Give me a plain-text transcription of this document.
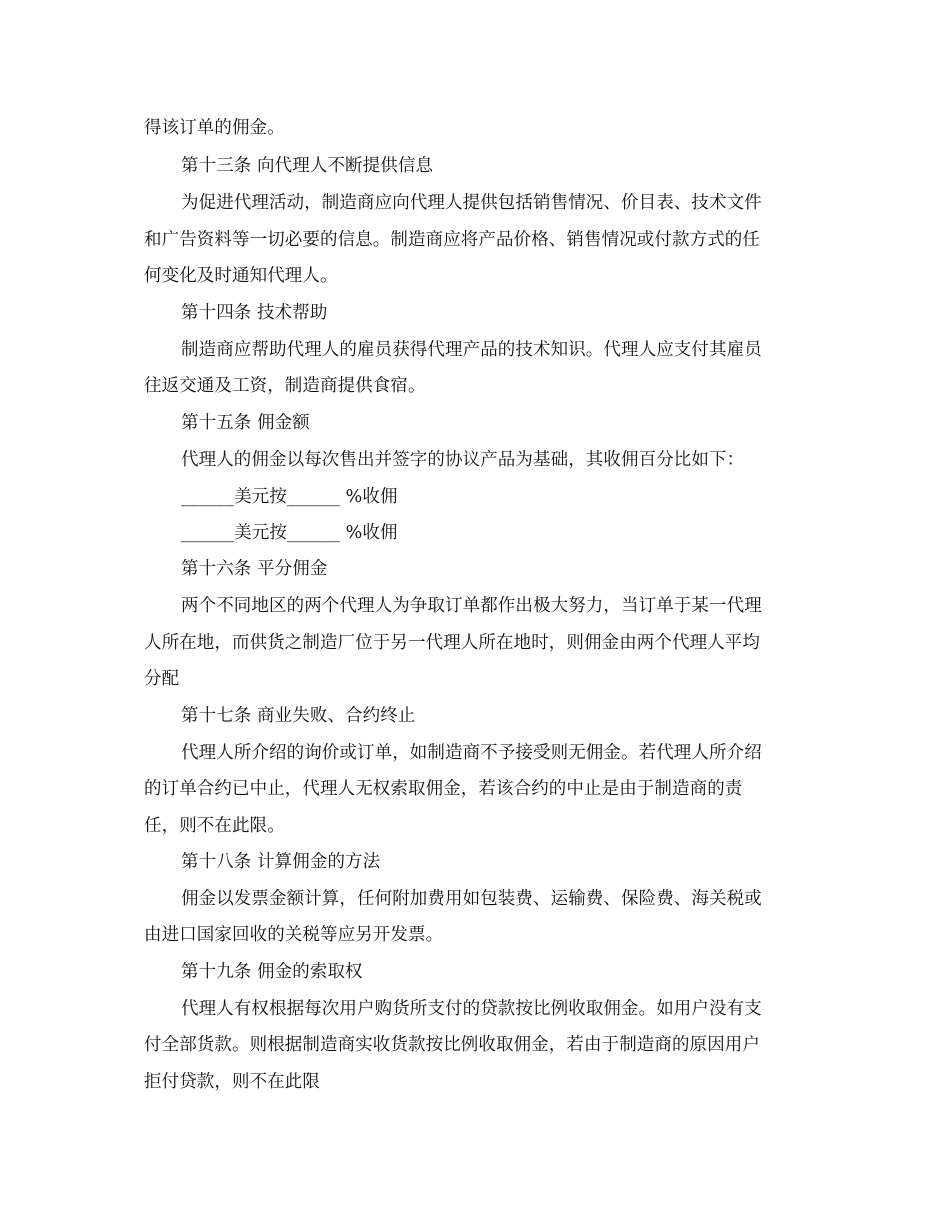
得该订单的佣金。
第十三条 向代理人不断提供信息
为促进代理活动，制造商应向代理人提供包括销售情况、价目表、技术文件
和广告资料等一切必要的信息。制造商应将产品价格、销售情况或付款方式的任
何变化及时通知代理人。
第十四条 技术帮助
制造商应帮助代理人的雇员获得代理产品的技术知识。代理人应支付其雇员
往返交通及工资，制造商提供食宿。
第十五条 佣金额
代理人的佣金以每次售出并签字的协议产品为基础，其收佣百分比如下：
______美元按______ %收佣
______美元按______ %收佣
第十六条 平分佣金
两个不同地区的两个代理人为争取订单都作出极大努力，当订单于某一代理
人所在地，而供货之制造厂位于另一代理人所在地时，则佣金由两个代理人平均
分配
第十七条 商业失败、合约终止
代理人所介绍的询价或订单，如制造商不予接受则无佣金。若代理人所介绍
的订单合约已中止，代理人无权索取佣金，若该合约的中止是由于制造商的责
任，则不在此限。
第十八条 计算佣金的方法
佣金以发票金额计算，任何附加费用如包装费、运输费、保险费、海关税或
由进口国家回收的关税等应另开发票。
第十九条 佣金的索取权
代理人有权根据每次用户购货所支付的贷款按比例收取佣金。如用户没有支
付全部货款。则根据制造商实收货款按比例收取佣金，若由于制造商的原因用户
拒付贷款，则不在此限
